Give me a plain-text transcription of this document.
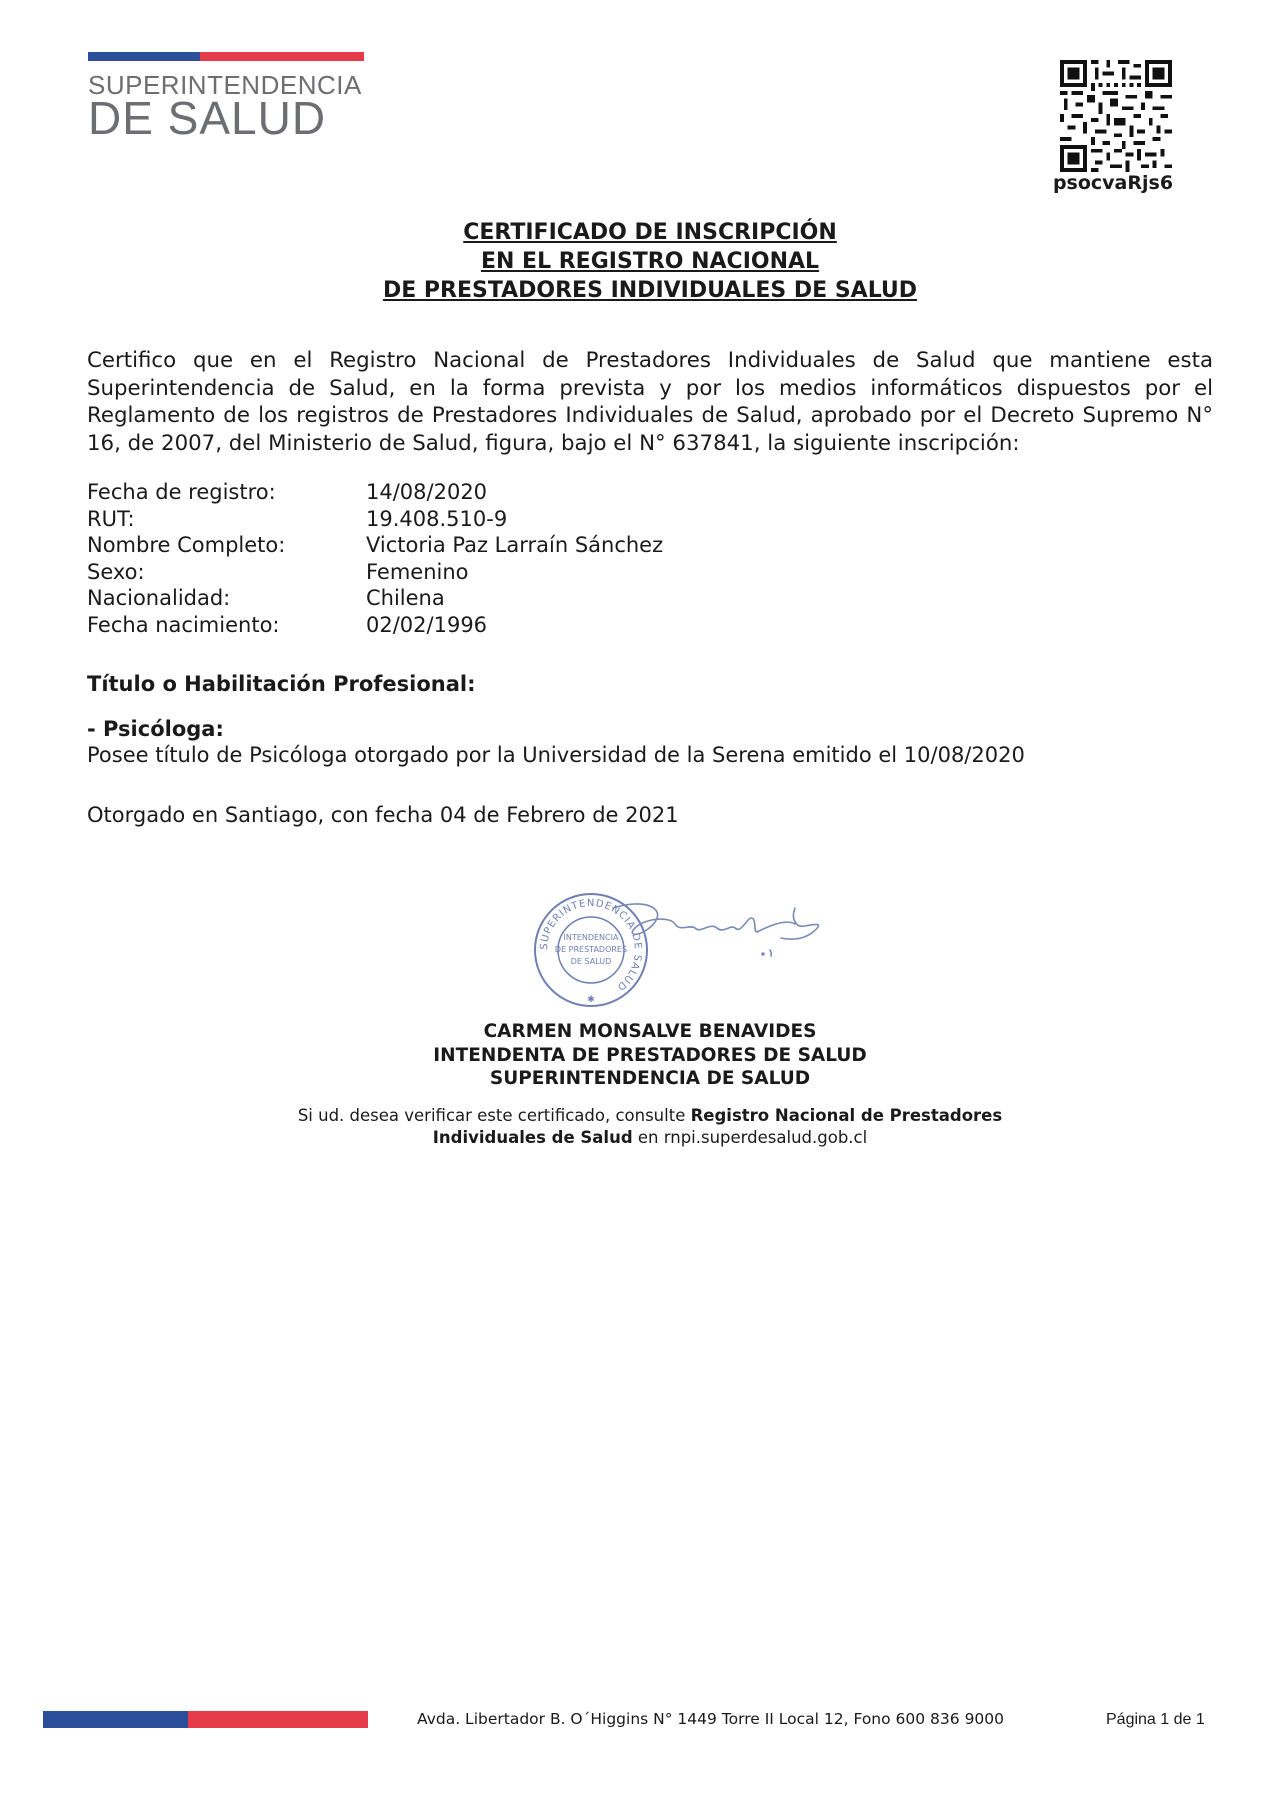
SUPERINTENDENCIA
DE SALUD
psocvaRjs6
CERTIFICADO DE INSCRIPCIÓN
EN EL REGISTRO NACIONAL
DE PRESTADORES INDIVIDUALES DE SALUD
Certifico que en el Registro Nacional de Prestadores Individuales de Salud que mantiene esta Superintendencia de Salud, en la forma prevista y por los medios informáticos dispuestos por el Reglamento de los registros de Prestadores Individuales de Salud, aprobado por el Decreto Supremo N° 16, de 2007, del Ministerio de Salud, figura, bajo el N° 637841, la siguiente inscripción:
Fecha de registro:	14/08/2020
RUT:	19.408.510-9
Nombre Completo:	Victoria Paz Larraín Sánchez
Sexo:	Femenino
Nacionalidad:	Chilena
Fecha nacimiento:	02/02/1996
Título o Habilitación Profesional:
- Psicóloga:
Posee título de Psicóloga otorgado por la Universidad de la Serena emitido el 10/08/2020
Otorgado en Santiago, con fecha 04 de Febrero de 2021
SUPERINTENDENCIA DE SALUD
INTENDENCIA
DE PRESTADORES
DE SALUD
✱
CARMEN MONSALVE BENAVIDES
INTENDENTA DE PRESTADORES DE SALUD
SUPERINTENDENCIA DE SALUD
Si ud. desea verificar este certificado, consulte Registro Nacional de Prestadores
Individuales de Salud en rnpi.superdesalud.gob.cl
Avda. Libertador B. O´Higgins N° 1449 Torre II Local 12, Fono 600 836 9000	Página 1 de 1
